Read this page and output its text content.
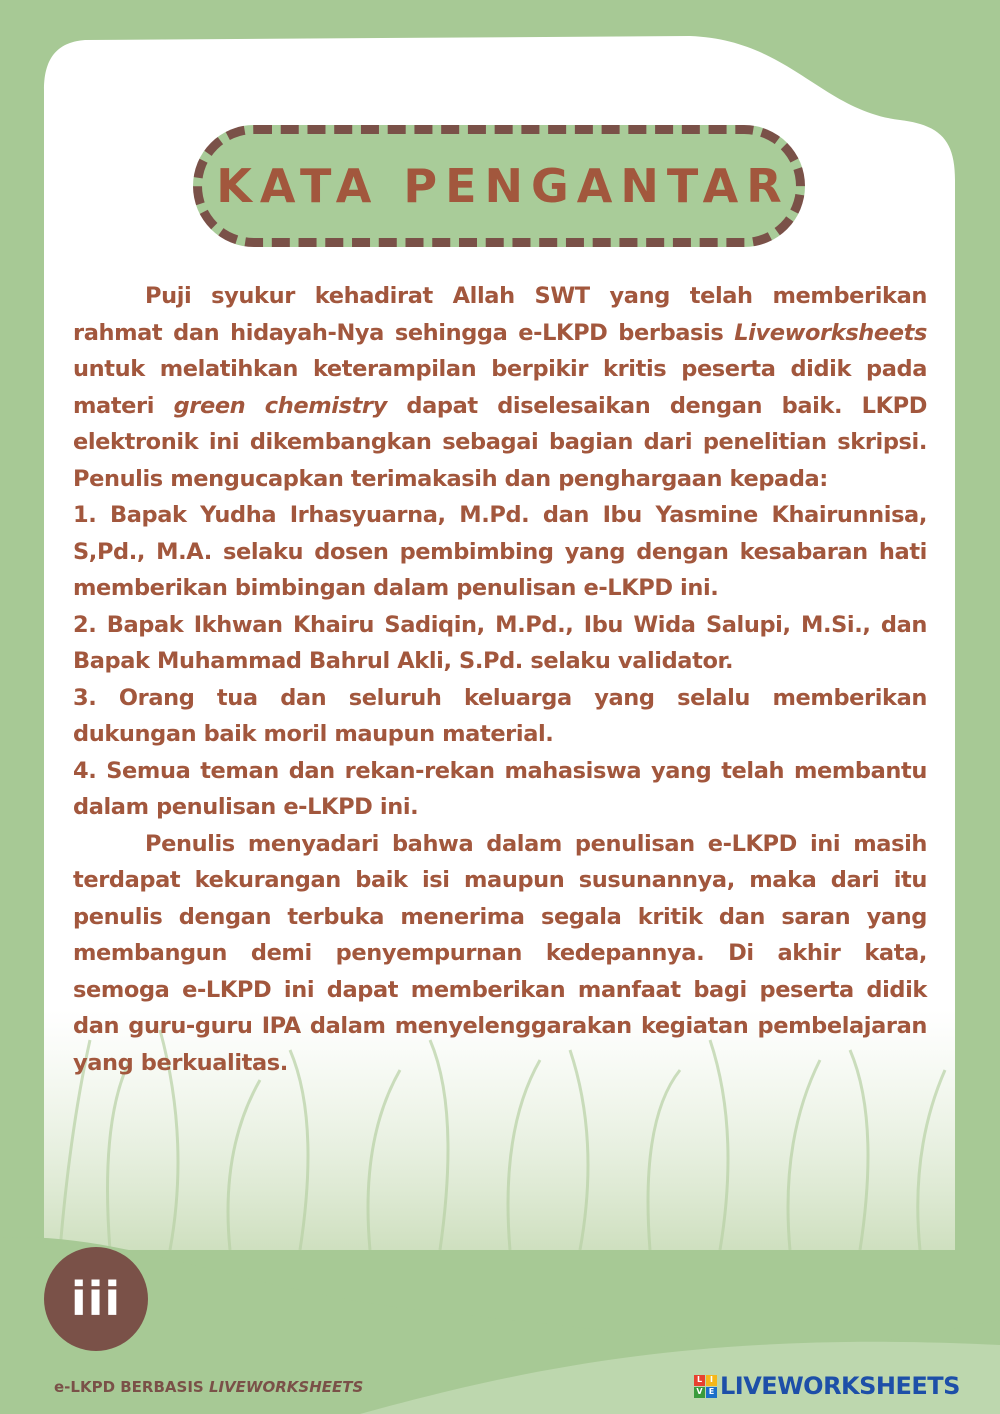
KATA PENGANTAR

Puji syukur kehadirat Allah SWT yang telah memberikan rahmat dan hidayah-Nya sehingga e-LKPD berbasis Liveworksheets untuk melatihkan keterampilan berpikir kritis peserta didik pada materi green chemistry dapat diselesaikan dengan baik. LKPD elektronik ini dikembangkan sebagai bagian dari penelitian skripsi. Penulis mengucapkan terimakasih dan penghargaan kepada:

1. Bapak Yudha Irhasyuarna, M.Pd. dan Ibu Yasmine Khairunnisa, S,Pd., M.A. selaku dosen pembimbing yang dengan kesabaran hati memberikan bimbingan dalam penulisan e-LKPD ini.

2. Bapak Ikhwan Khairu Sadiqin, M.Pd., Ibu Wida Salupi, M.Si., dan Bapak Muhammad Bahrul Akli, S.Pd. selaku validator.

3. Orang tua dan seluruh keluarga yang selalu memberikan dukungan baik moril maupun material.

4. Semua teman dan rekan-rekan mahasiswa yang telah membantu dalam penulisan e-LKPD ini.

Penulis menyadari bahwa dalam penulisan e-LKPD ini masih terdapat kekurangan baik isi maupun susunannya, maka dari itu penulis dengan terbuka menerima segala kritik dan saran yang membangun demi penyempurnan kedepannya. Di akhir kata, semoga e-LKPD ini dapat memberikan manfaat bagi peserta didik dan guru-guru IPA dalam menyelenggarakan kegiatan pembelajaran yang berkualitas.

iii
e-LKPD BERBASIS LIVEWORKSHEETS	L I
V E LIVEWORKSHEETS
